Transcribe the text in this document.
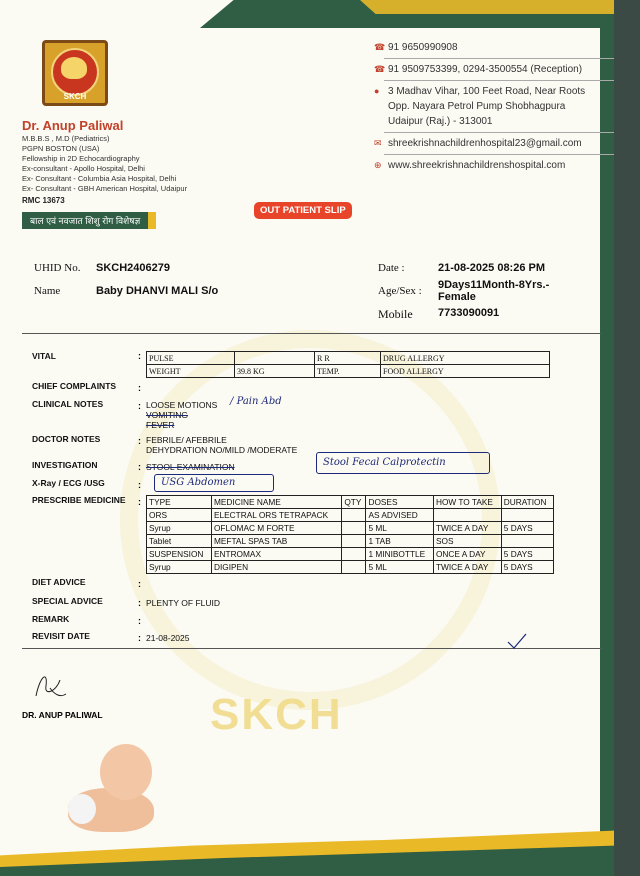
SKCH
SKCH
Dr. Anup Paliwal
M.B.B.S , M.D (Pediatrics)
PGPN BOSTON (USA)
Fellowship in 2D Echocardiography
Ex-consultant - Apollo Hospital, Delhi
Ex- Consultant - Columbia Asia Hospital, Delhi
Ex- Consultant - GBH American Hospital, Udaipur
RMC 13673
बाल एवं नवजात शिशु रोग विशेषज्ञ
☎ 91 9650990908
☎ 91 9509753399, 0294-3500554 (Reception)
● 3 Madhav Vihar, 100 Feet Road, Near Roots
Opp. Nayara Petrol Pump Shobhagpura
Udaipur (Raj.) - 313001
✉ shreekrishnachildrenhospital23@gmail.com
⊕ www.shreekrishnachildrenshospital.com
OUT PATIENT SLIP
UHID No. SKCH2406279
Name	Baby DHANVI MALI S/o
Date :	21-08-2025 08:26 PM
Age/Sex : 9Days11Month-8Yrs.-
Female
Mobile 7733090091
VITAL	: PULSE		R R	DRUG ALLERGY
WEIGHT	39.8 KG	TEMP.	FOOD ALLERGY
CHIEF COMPLAINTS :
CLINICAL NOTES	: LOOSE MOTIONS
VOMITING
FEVER
/ Pain Abd
DOCTOR NOTES	: FEBRILE/ AFEBRILE
DEHYDRATION NO/MILD /MODERATE
INVESTIGATION	: STOOL EXAMINATION	Stool Fecal Calprotectin
X-Ray / ECG /USG	:	USG Abdomen
PRESCRIBE MEDICINE : TYPE	MEDICINE NAME	QTY	DOSES	HOW TO TAKE	DURATION
ORS	ELECTRAL ORS TETRAPACK		AS ADVISED		
Syrup	OFLOMAC M FORTE		5 ML	TWICE A DAY	5 DAYS
Tablet	MEFTAL SPAS TAB		1 TAB	SOS	
SUSPENSION	ENTROMAX		1 MINIBOTTLE	ONCE A DAY	5 DAYS
Syrup	DIGIPEN		5 ML	TWICE A DAY	5 DAYS
DIET ADVICE	:
SPECIAL ADVICE	: PLENTY OF FLUID
REMARK	:
REVISIT DATE	: 21-08-2025
DR. ANUP PALIWAL
